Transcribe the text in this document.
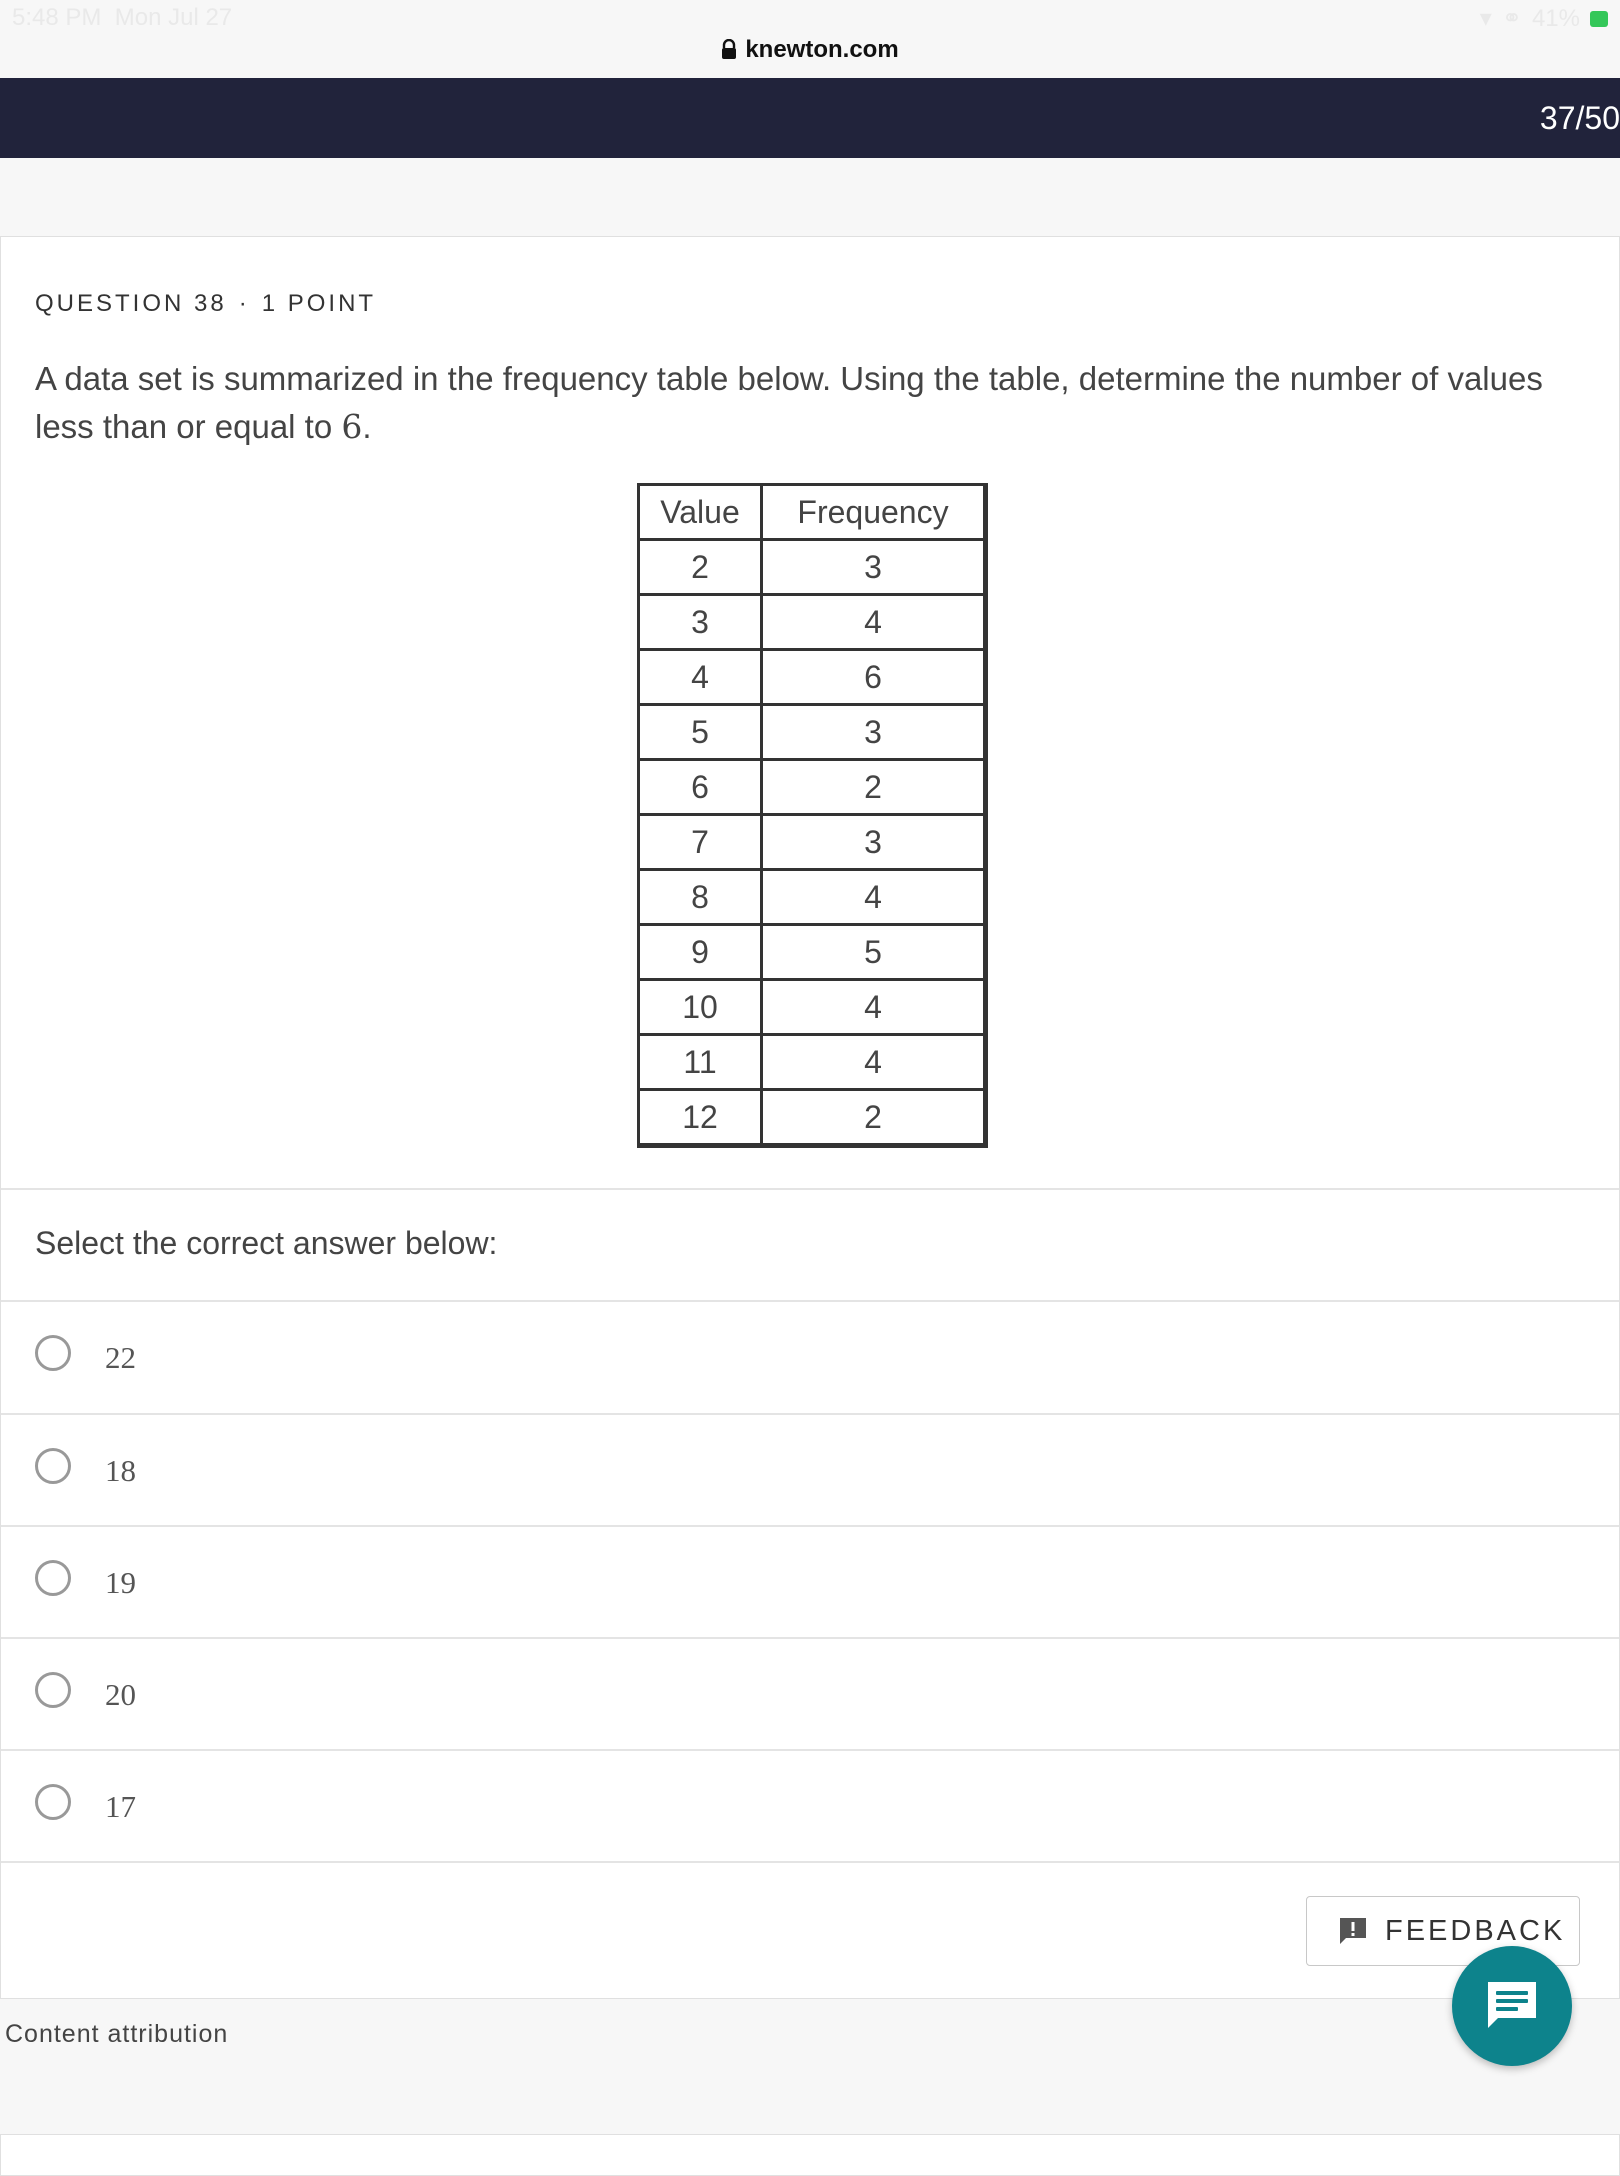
5:48 PM Mon Jul 27	▾ ⚭ 41%
knewton.com
37/50
QUESTION 38 · 1 POINT
A data set is summarized in the frequency table below. Using the table, determine the number of values less than or equal to 6.
Value	Frequency
2	3
3	4
4	6
5	3
6	2
7	3
8	4
9	5
10	4
11	4
12	2
Select the correct answer below:
22
18
19
20
17
FEEDBACK
Content attribution
